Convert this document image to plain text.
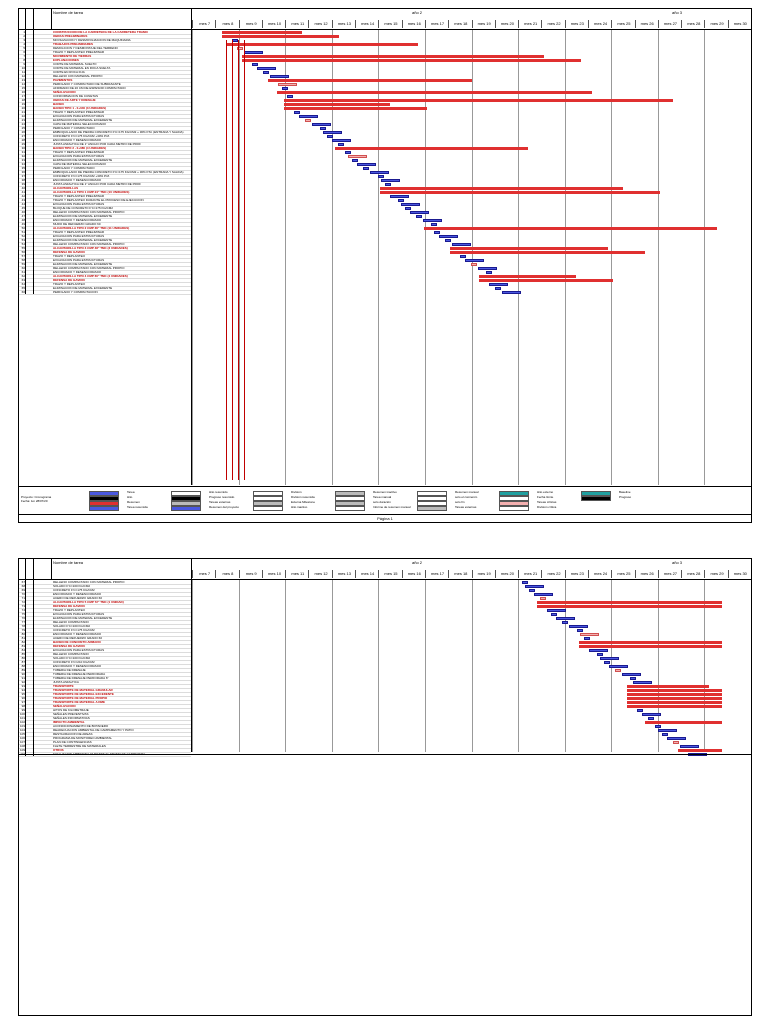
Nombre de tarea	año 2	año 3
mes 7	mes 8	mes 9	mes 10	mes 11	mes 12	mes 13	mes 14	mes 15	mes 16	mes 17	mes 18	mes 19	mes 20	mes 21	mes 22	mes 23	mes 24	mes 25	mes 26	mes 27	mes 28	mes 29	mes 30
1	CONSTRUCCION DE LA CARRETERA DE LA CARRETERA TRAMO
2	OBRAS PRELIMINARES
3	MOVILIZACION Y DESMOVILIZACION DE MAQUINARIA
4	TRABAJOS PRELIMINARES
5	DEMOLICION Y DESMONTAJE DEL TERRENO
6	TRAZO Y REPLANTEO PRELIMINAR
7	MOVIMIENTO DE TIERRAS
8	EXPLANACIONES
9	CORTE DE MATERIAL SUELTO
10	CORTE DE MATERIAL EN ROCA SUELTA
11	CORTE EN ROCA FIJA
12	RELLENO CON MATERIAL PROPIO
13	PAVIMENTOS
14	PERFILADO Y COMPACTADO DE SUBRASANTE
15	AFIRMADO DE 20 CM DE ESPESOR COMPACTADO
16	SEÑALIZACION
17	CONFORMACION DE CUNETAS
18	OBRAS DE ARTE Y DRENAJE
19	BADEN
20	BADEN TIPO 1 - 0+040 (3 UNIDADES)
21	TRAZO Y REPLANTEO PRELIMINAR
22	EXCAVACION PARA ESTRUCTURAS
23	ELIMINACION DE MATERIAL EXCEDENTE
24	CAPA DE MATERIAL SELECCIONADO
25	PERFILADO Y COMPACTADO
26	EMBOQUILLADO DE PIEDRA CONCRETO F'C=175 KG/CM2 + 30% P.M. (ENTRADA Y SALIDA)
27	CONCRETO F'C=175 KG/CM2 +30% P.M.
28	ENCOFRADO Y DESENCOFRADO
29	JUNTA ASFALTICA DE 1" ANCHO POR CADA METRO DE PROF
30	BADEN TIPO 2 - 0+080 (4 UNIDADES)
31	TRAZO Y REPLANTEO PRELIMINAR
32	EXCAVACION PARA ESTRUCTURAS
33	ELIMINACION DE MATERIAL EXCEDENTE
34	CAPA DE MATERIAL SELECCIONADO
35	PERFILADO Y COMPACTADO
36	EMBOQUILLADO DE PIEDRA CONCRETO F'C=175 KG/CM2 + 30% P.M. (ENTRADA Y SALIDA)
37	CONCRETO F'C=175 KG/CM2 +30% P.M.
38	ENCOFRADO Y DESENCOFRADO
39	JUNTA ASFALTICA DE 1" ANCHO POR CADA METRO DE PROF
40	ALCANTARILLAS
41	ALCANTARILLA TIPO 1 CMP 24" TMC (10 UNIDADES)
42	TRAZO Y REPLANTEO PRELIMINAR
43	TRAZO Y REPLANTEO DURANTE EL PROCESO DE EJECUCION
44	EXCAVACION PARA ESTRUCTURAS
45	BLOQUE DE CONCRETO F'C=175 KG/CM2
46	RELLENO COMPACTADO CON MATERIAL PROPIO
47	ELIMINACION DE MATERIAL EXCEDENTE
48	ENCOFRADO Y DESENCOFRADO
49	MURO DE REFUERZO GRADO 60
50	ALCANTARILLA TIPO 2 CMP 36" TMC (11 UNIDADES)
51	TRAZO Y REPLANTEO PRELIMINAR
52	EXCAVACION PARA ESTRUCTURAS
53	ELIMINACION DE MATERIAL EXCEDENTE
54	RELLENO COMPACTADO CON MATERIAL PROPIO
55	ALCANTARILLA TIPO 3 CMP 48" TMC (3 UNIDADES)
56	DEFENSA DE GAVION
57	TRAZO Y REPLANTEO
58	EXCAVACION PARA ESTRUCTURAS
59	ELIMINACION DE MATERIAL EXCEDENTE
60	RELLENO COMPACTADO CON MATERIAL PROPIO
61	ENCOFRADO Y DESENCOFRADO
62	ALCANTARILLA TIPO 4 CMP 60" TMC (4 UNIDADES)
63	DEFENSA DE GAVION
64	TRAZO Y REPLANTEO
65	ELIMINACION DE MATERIAL EXCEDENTE
66	PERFILADO Y COMPACTACION
Proyecto: Cronograma
Fecha: lun 28/07/20
Tarea
Hito
Resumen
Tarea resumida
Hito resumido
Progreso resumido
Tareas externas
Resumen del proyecto
División
División resumida
Externa Milestone
Hito inactivo
Resumen inactivo
Tarea manual
solo duración
Informe de resumen manual
Resumen manual
solo el comienzo
solo fin
Tareas externas
Hito externo
Fecha límite
Tareas críticas
División crítica
Baseline
Progreso
Página 1
Nombre de tarea	año 2	año 3
mes 7	mes 8	mes 9	mes 10	mes 11	mes 12	mes 13	mes 14	mes 15	mes 16	mes 17	mes 18	mes 19	mes 20	mes 21	mes 22	mes 23	mes 24	mes 25	mes 26	mes 27	mes 28	mes 29	mes 30
67	RELLENO COMPACTADO CON MATERIAL PROPIO
68	SOLADO F'C=100 KG/CM2
69	CONCRETO F'C=175 KG/CM2
70	ENCOFRADO Y DESENCOFRADO
71	ACERO DE REFUERZO GRADO 60
72	ALCANTARILLA TIPO 5 CMP 72" TMC (1 UNIDAD)
73	DEFENSA DE GAVION
74	TRAZO Y REPLANTEO
75	EXCAVACION PARA ESTRUCTURAS
76	ELIMINACION DE MATERIAL EXCEDENTE
77	RELLENO COMPACTADO
78	SOLADO F'C=100 KG/CM2
79	CONCRETO F'C=175 KG/CM2
80	ENCOFRADO Y DESENCOFRADO
81	ACERO DE REFUERZO GRADO 60
82	BADEN DE CONCRETO ARMADO
83	DEFENSA DE GAVION
84	EXCAVACION PARA ESTRUCTURAS
85	RELLENO COMPACTADO
86	SOLADO F'C=100 KG/CM2
87	CONCRETO F'C=210 KG/CM2
88	ENCOFRADO Y DESENCOFRADO
89	TUBERIA DE DRENAJE
90	TUBERIA DE DRENAJE PERFORADA
91	TUBERIA DE DRENAJE PERFORADA 6"
92	JUNTA ASFALTICA
93	TRANSPORTE
94	TRANSPORTE DE MATERIAL GRANULAR
95	TRANSPORTE DE MATERIAL EXCEDENTE
96	TRANSPORTE DE MATERIAL PROPIO
97	TRANSPORTE DE MATERIAL A DME
98	SEÑALIZACION
99	HITOS DE KILOMETRAJE
100	SEÑALES PREVENTIVAS
101	SEÑALES INFORMATIVAS
102	IMPACTO AMBIENTAL
103	ACONDICIONAMIENTO DE BOTADERO
104	READECUACION AMBIENTAL DE CAMPAMENTO Y PATIO
105	RESTAURACION DE AREAS
106	PROGRAMA DE MONITOREO AMBIENTAL
107	PLAN DE CONTINGENCIAS
108	FLETE TERRESTRE DE MATERIALES
109	OTROS
110	EVALUACION AMBIENTAL DURANTE EL TRAMO DE CARRETERA
